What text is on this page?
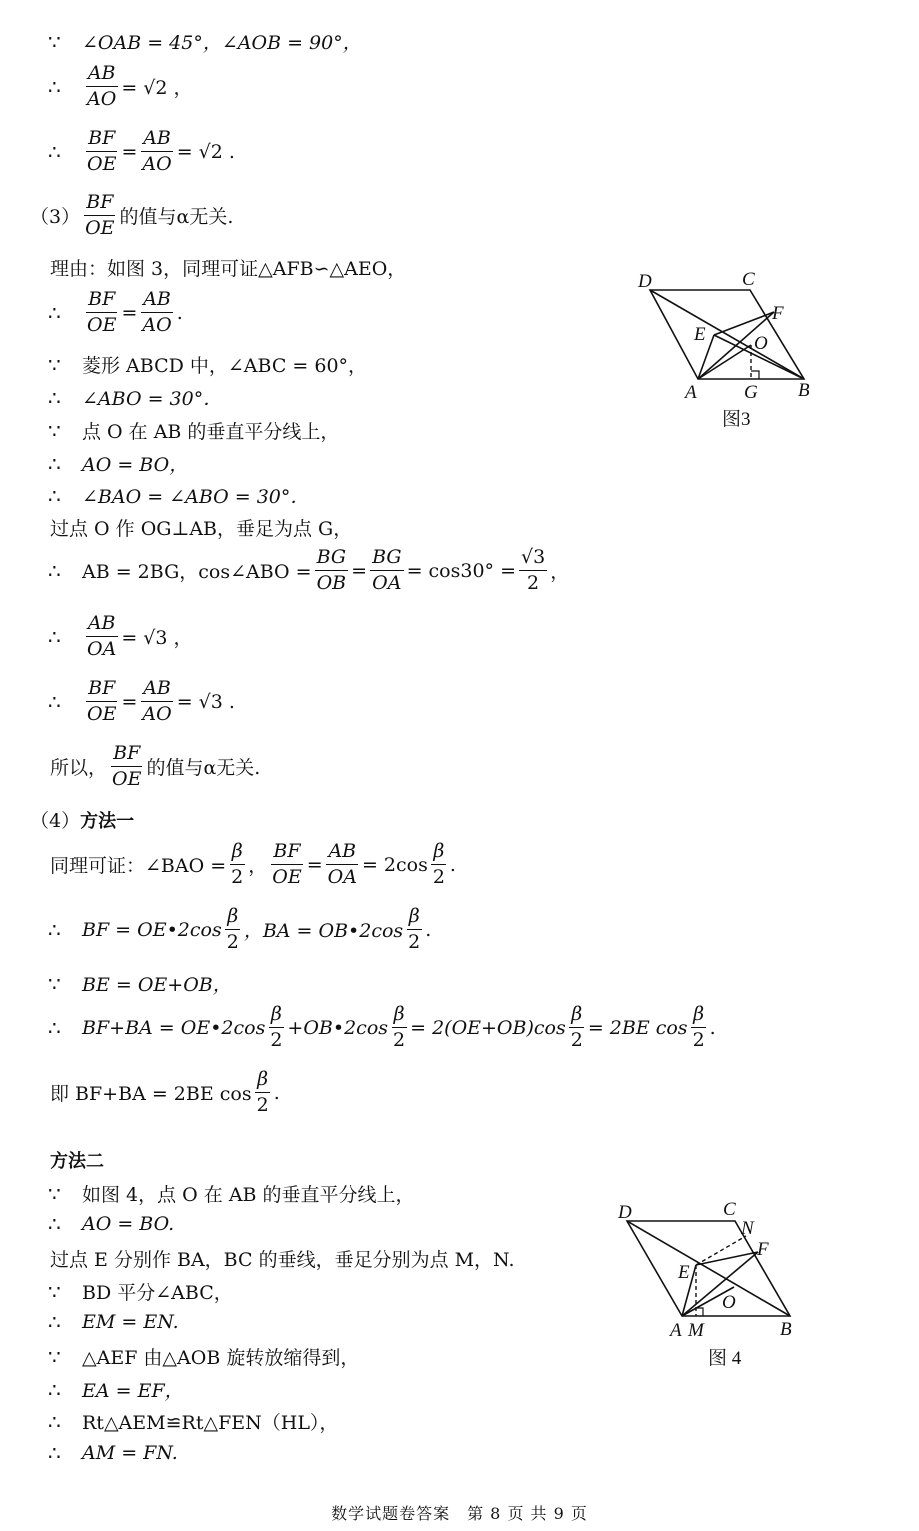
∵	∠OAB = 45°，∠AOB = 90°，
∴	$\frac{AB}{AO} = √2$ ，
∴	$\frac{BF}{OE} = \frac{AB}{AO} = √2$ .
$(3) \frac{BF}{OE}$ 的值与α无关.
理由：如图 3，同理可证△AFB∽△AEO，
∴	$\frac{BF}{OE} = \frac{AB}{AO}$ .
∵	菱形 ABCD 中，∠ABC = 60°，
∴	∠ABO = 30°．
∵	点 O 在 AB 的垂直平分线上，
∴	AO = BO，
∴	∠BAO = ∠ABO = 30°．
过点 O 作 OG⊥AB，垂足为点 G，
∴	AB = 2BG，cos∠ABO = $\frac{BG}{OB} = \frac{BG}{OA} = \cos 30^\circ = \frac{√3}{2}$ ，
∴	$\frac{AB}{OA} = √3$ ，
∴	$\frac{BF}{OE} = \frac{AB}{AO} = √3$ .
所以， $\frac{BF}{OE}$ 的值与α无关.
（4） 方法一
同理可证：∠BAO = $\frac{\beta}{2}$ ， $\frac{BF}{OE} = \frac{AB}{OA} = 2\cos \frac{\beta}{2}$ .
∴	BF = OE•2cos $\frac{\beta}{2}$ ，BA = OB•2cos $\frac{\beta}{2}$ .
∵	BE = OE+OB，
∴	BF+BA = OE•2cos $\frac{\beta}{2}$ +OB•2cos $\frac{\beta}{2} = 2(OE+OB)\cos \frac{\beta}{2} = 2BE$ $\cos \frac{\beta}{2}$ .
即 BF+BA = 2BE $\cos \frac{\beta}{2}$ .
方法二
∵	如图 4，点 O 在 AB 的垂直平分线上，
∴	AO = BO.
过点 E 分别作 BA，BC 的垂线，垂足分别为点 M，N.
∵	BD 平分∠ABC，
∴	EM = EN.
∵	△AEF 由△AOB 旋转放缩得到，
∴	EA = EF，
∴	Rt△AEM≌Rt△FEN（HL），
∴	AM = FN.
D	C
F
E	O
A G B
图3
D	C
N
F
E
O
A M	B
图 4
数学试题卷答案　第 8 页 共 9 页
